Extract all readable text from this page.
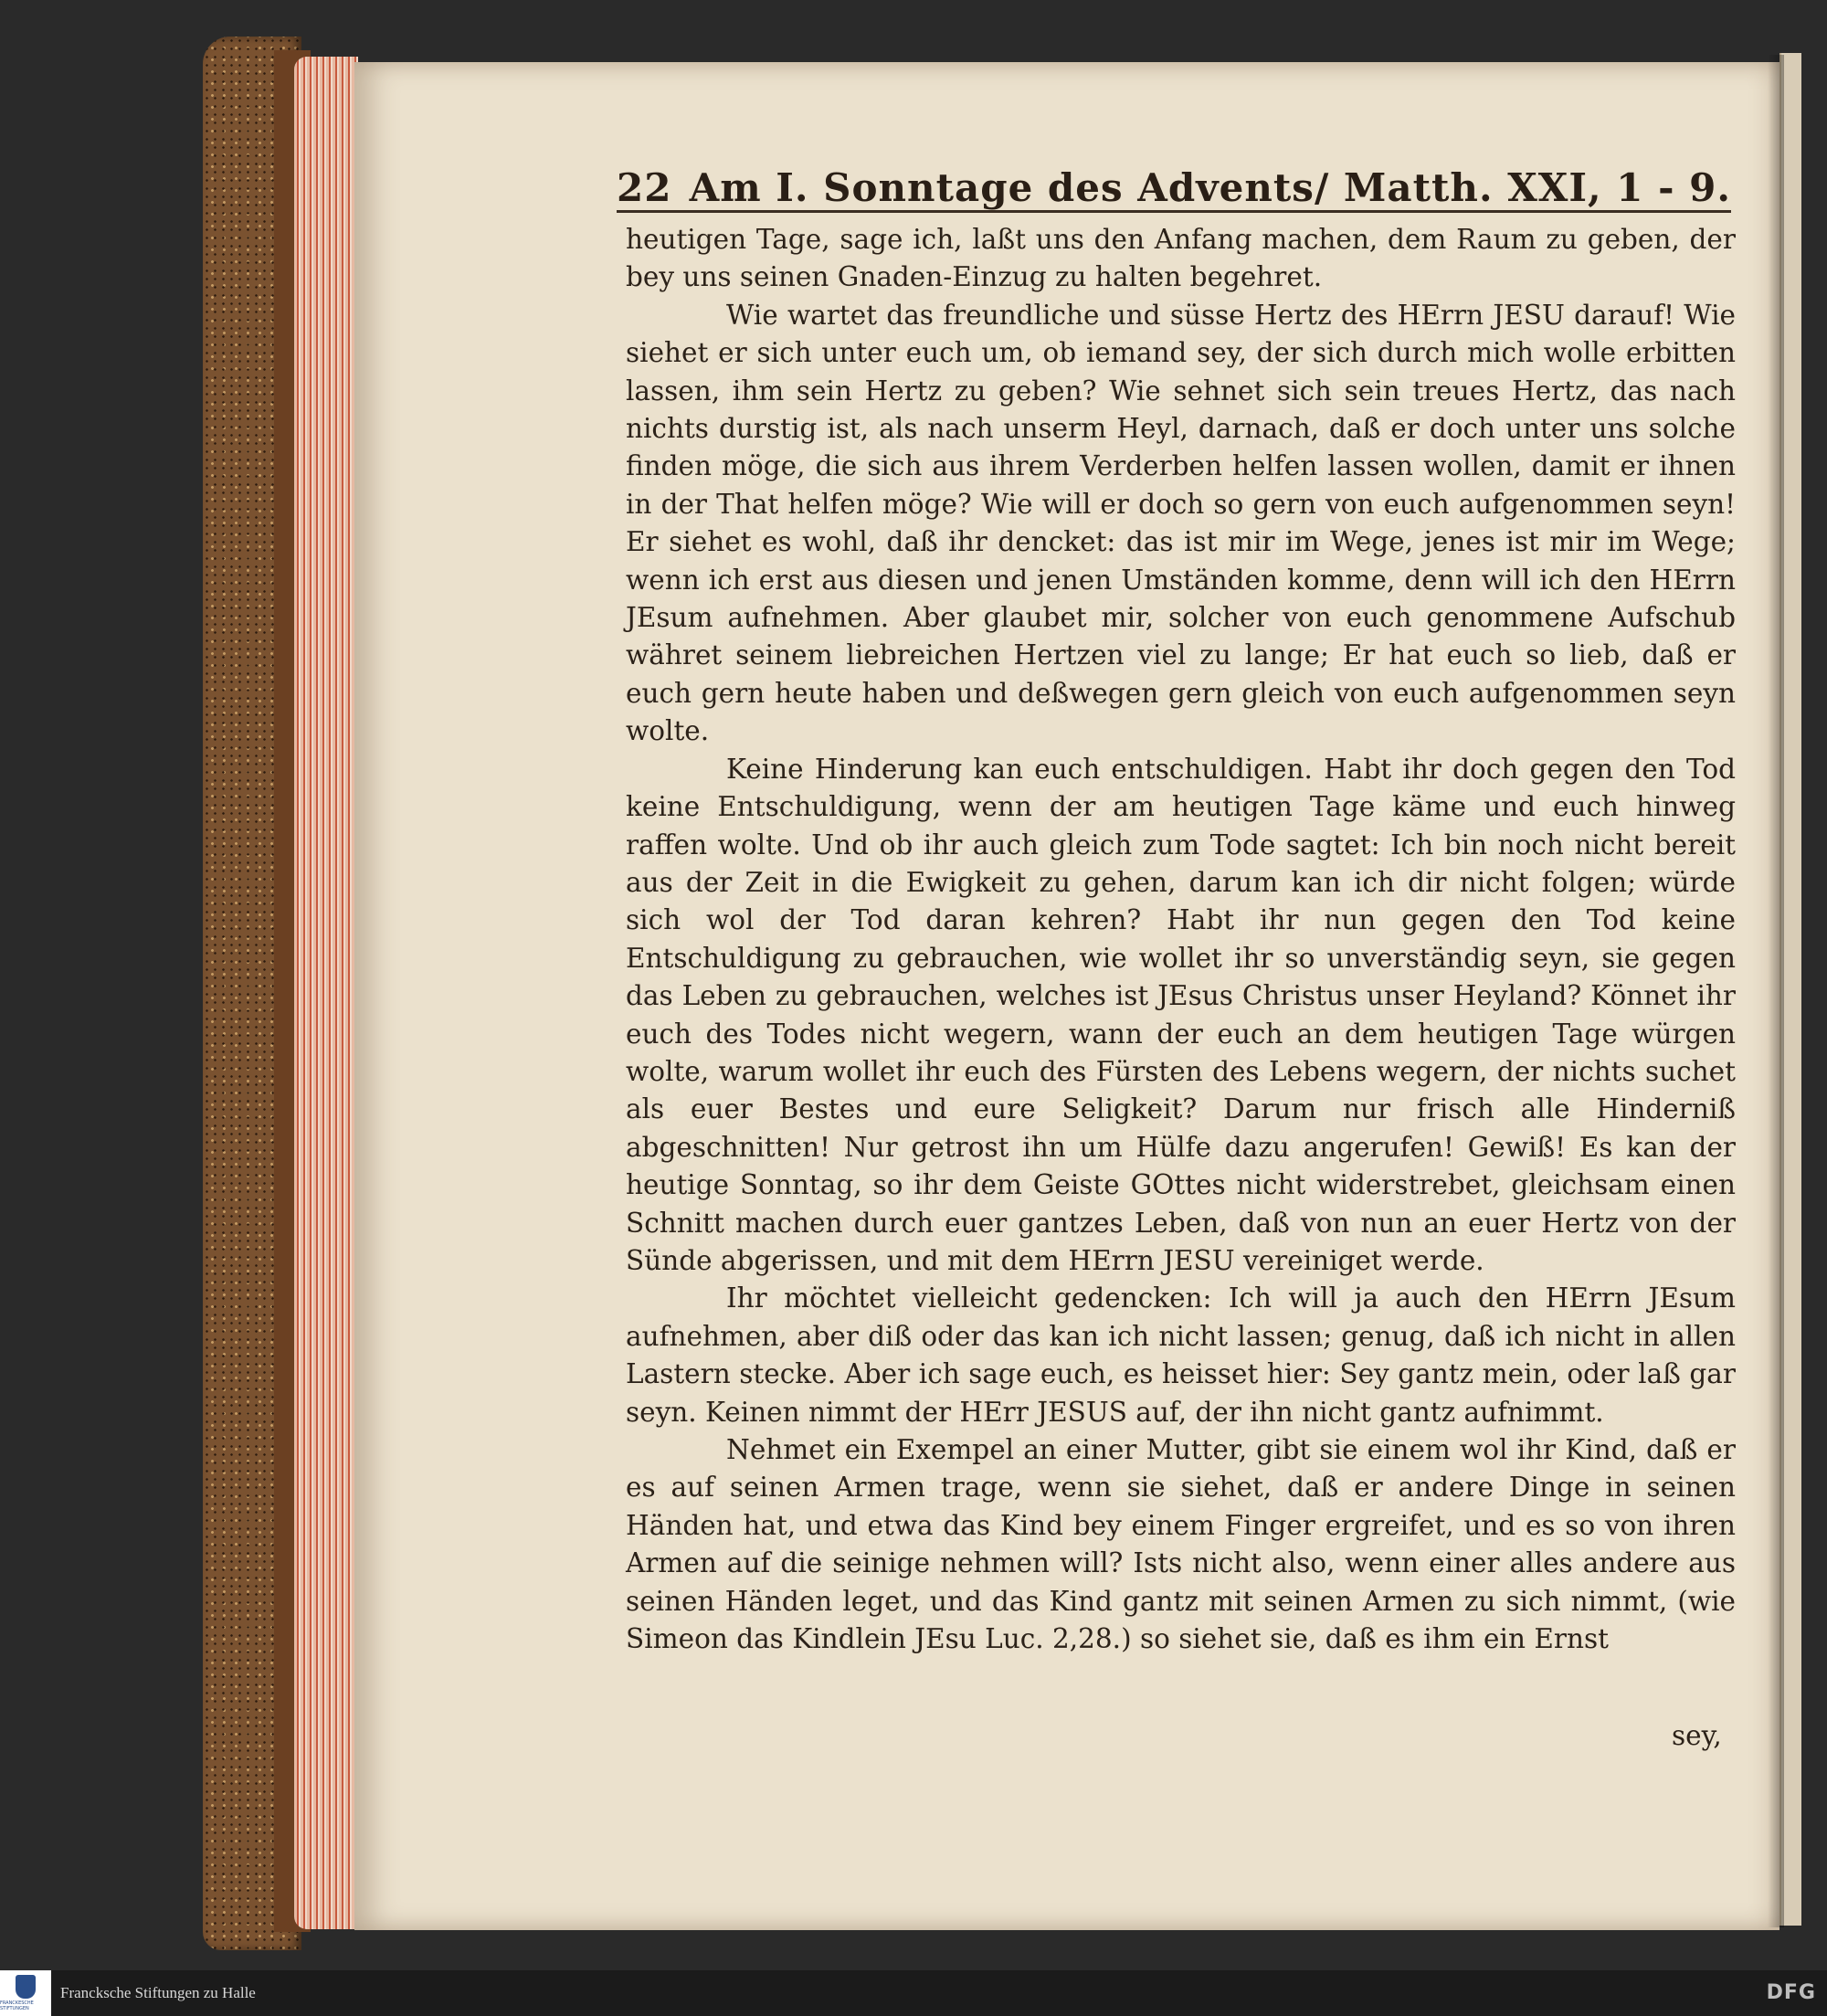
22 Am I. Sonntage des Advents/ Matth. XXI, 1 - 9.

heutigen Tage, sage ich, laßt uns den Anfang machen, dem Raum zu geben, der bey uns seinen Gnaden-Einzug zu halten begehret.

Wie wartet das freundliche und süsse Hertz des HErrn JESU darauf! Wie siehet er sich unter euch um, ob iemand sey, der sich durch mich wolle erbitten lassen, ihm sein Hertz zu geben? Wie sehnet sich sein treues Hertz, das nach nichts durstig ist, als nach unserm Heyl, darnach, daß er doch unter uns solche finden möge, die sich aus ihrem Verderben helfen lassen wollen, damit er ihnen in der That helfen möge? Wie will er doch so gern von euch aufgenommen seyn! Er siehet es wohl, daß ihr dencket: das ist mir im Wege, jenes ist mir im Wege; wenn ich erst aus diesen und jenen Umständen komme, denn will ich den HErrn JEsum aufnehmen. Aber glaubet mir, solcher von euch genommene Aufschub währet seinem liebreichen Hertzen viel zu lange; Er hat euch so lieb, daß er euch gern heute haben und deßwegen gern gleich von euch aufgenommen seyn wolte.

Keine Hinderung kan euch entschuldigen. Habt ihr doch gegen den Tod keine Entschuldigung, wenn der am heutigen Tage käme und euch hinweg raffen wolte. Und ob ihr auch gleich zum Tode sagtet: Ich bin noch nicht bereit aus der Zeit in die Ewigkeit zu gehen, darum kan ich dir nicht folgen; würde sich wol der Tod daran kehren? Habt ihr nun gegen den Tod keine Entschuldigung zu gebrauchen, wie wollet ihr so unverständig seyn, sie gegen das Leben zu gebrauchen, welches ist JEsus Christus unser Heyland? Könnet ihr euch des Todes nicht wegern, wann der euch an dem heutigen Tage würgen wolte, warum wollet ihr euch des Fürsten des Lebens wegern, der nichts suchet als euer Bestes und eure Seligkeit? Darum nur frisch alle Hinderniß abgeschnitten! Nur getrost ihn um Hülfe dazu angerufen! Gewiß! Es kan der heutige Sonntag, so ihr dem Geiste GOttes nicht widerstrebet, gleichsam einen Schnitt machen durch euer gantzes Leben, daß von nun an euer Hertz von der Sünde abgerissen, und mit dem HErrn JESU vereiniget werde.

Ihr möchtet vielleicht gedencken: Ich will ja auch den HErrn JEsum aufnehmen, aber diß oder das kan ich nicht lassen; genug, daß ich nicht in allen Lastern stecke. Aber ich sage euch, es heisset hier: Sey gantz mein, oder laß gar seyn. Keinen nimmt der HErr JESUS auf, der ihn nicht gantz aufnimmt.

Nehmet ein Exempel an einer Mutter, gibt sie einem wol ihr Kind, daß er es auf seinen Armen trage, wenn sie siehet, daß er andere Dinge in seinen Händen hat, und etwa das Kind bey einem Finger ergreifet, und es so von ihren Armen auf die seinige nehmen will? Ists nicht also, wenn einer alles andere aus seinen Händen leget, und das Kind gantz mit seinen Armen zu sich nimmt, (wie Simeon das Kindlein JEsu Luc. 2,28.) so siehet sie, daß es ihm ein Ernst

sey,
FRANCKESCHE STIFTUNGEN
Francksche Stiftungen zu Halle	DFG
